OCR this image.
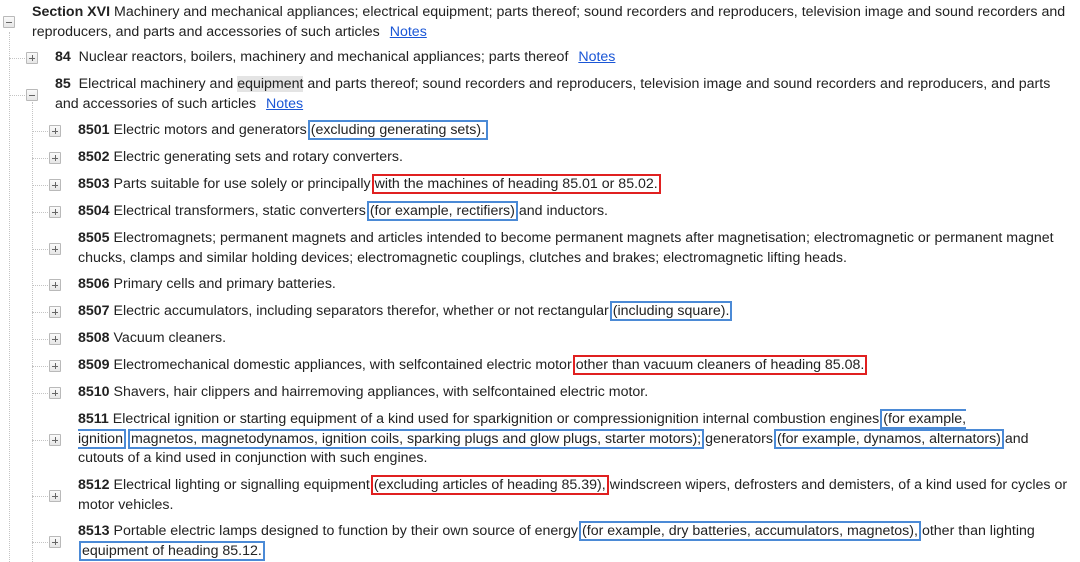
Section XVI Machinery and mechanical appliances; electrical equipment; parts thereof; sound recorders and reproducers, television image and sound recorders and reproducers, and parts and accessories of such articles Notes
84 Nuclear reactors, boilers, machinery and mechanical appliances; parts thereof Notes
85 Electrical machinery and equipment and parts thereof; sound recorders and reproducers, television image and sound recorders and reproducers, and parts and accessories of such articles Notes
8501 Electric motors and generators (excluding generating sets).
8502 Electric generating sets and rotary converters.
8503 Parts suitable for use solely or principally with the machines of heading 85.01 or 85.02.
8504 Electrical transformers, static converters (for example, rectifiers) and inductors.
8505 Electromagnets; permanent magnets and articles intended to become permanent magnets after magnetisation; electromagnetic or permanent magnet chucks, clamps and similar holding devices; electromagnetic couplings, clutches and brakes; electromagnetic lifting heads.
8506 Primary cells and primary batteries.
8507 Electric accumulators, including separators therefor, whether or not rectangular (including square).
8508 Vacuum cleaners.
8509 Electromechanical domestic appliances, with selfcontained electric motor other than vacuum cleaners of heading 85.08.
8510 Shavers, hair clippers and hairremoving appliances, with selfcontained electric motor.
8511 Electrical ignition or starting equipment of a kind used for sparkignition or compressionignition internal combustion engines (for example, ignition magnetos, magnetodynamos, ignition coils, sparking plugs and glow plugs, starter motors); generators (for example, dynamos, alternators) and cutouts of a kind used in conjunction with such engines.
8512 Electrical lighting or signalling equipment (excluding articles of heading 85.39), windscreen wipers, defrosters and demisters, of a kind used for cycles or motor vehicles.
8513 Portable electric lamps designed to function by their own source of energy (for example, dry batteries, accumulators, magnetos), other than lighting equipment of heading 85.12.
